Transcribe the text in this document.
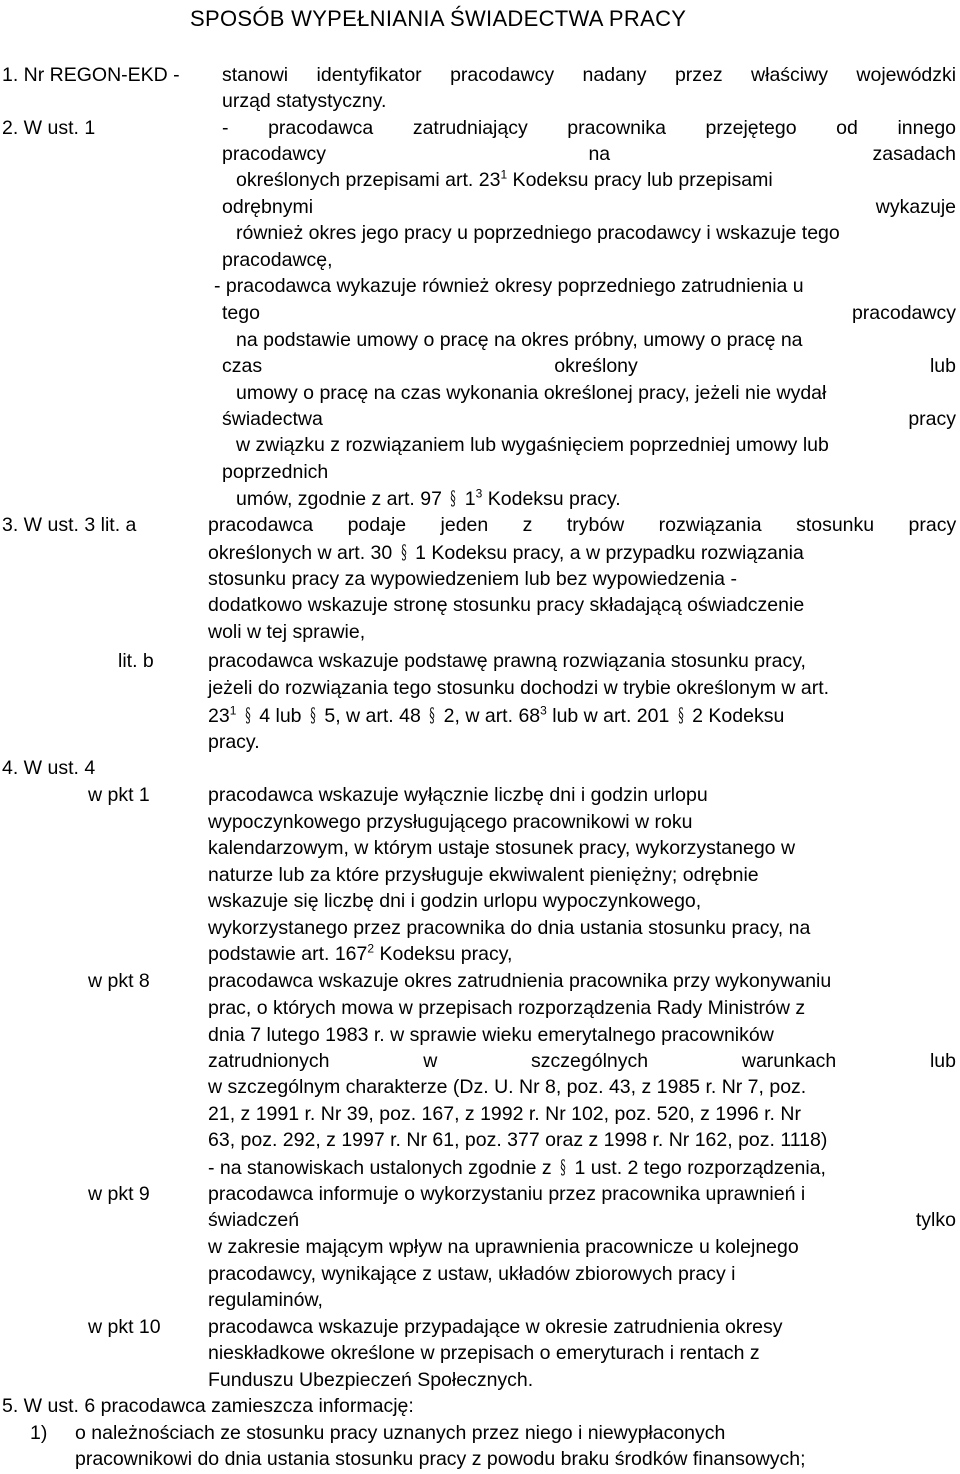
SPOSÓB WYPEŁNIANIA ŚWIADECTWA PRACY
1. Nr REGON-EKD - stanowi identyfikator pracodawcy nadany przez właściwy wojewódzki
urząd statystyczny.
2. W ust. 1	- pracodawca zatrudniający pracownika przejętego od innego
pracodawcy	na	zasadach
określonych przepisami art. $23^1$ Kodeksu pracy lub przepisami
odrębnymi	wykazuje
również okres jego pracy u poprzedniego pracodawcy i wskazuje tego
pracodawcę,
- pracodawca wykazuje również okresy poprzedniego zatrudnienia u
tego	pracodawcy
na podstawie umowy o pracę na okres próbny, umowy o pracę na
czas	określony	lub
umowy o pracę na czas wykonania określonej pracy, jeżeli nie wydał
świadectwa	pracy
w związku z rozwiązaniem lub wygaśnięciem poprzedniej umowy lub
poprzednich
umów, zgodnie z art. 97 § $1^3$ Kodeksu pracy.
3. W ust. 3 lit. a	pracodawca podaje jeden z trybów rozwiązania stosunku pracy
określonych w art. 30 § 1 Kodeksu pracy, a w przypadku rozwiązania
stosunku pracy za wypowiedzeniem lub bez wypowiedzenia -
dodatkowo wskazuje stronę stosunku pracy składającą oświadczenie
woli w tej sprawie,
lit. b	pracodawca wskazuje podstawę prawną rozwiązania stosunku pracy,
jeżeli do rozwiązania tego stosunku dochodzi w trybie określonym w art.
$23^1$ § 4 lub § 5, w art. 48 § 2, w art. $68^3$ lub w art. 201 § 2 Kodeksu
pracy.
4. W ust. 4
w pkt 1	pracodawca wskazuje wyłącznie liczbę dni i godzin urlopu
wypoczynkowego przysługującego pracownikowi w roku
kalendarzowym, w którym ustaje stosunek pracy, wykorzystanego w
naturze lub za które przysługuje ekwiwalent pieniężny; odrębnie
wskazuje się liczbę dni i godzin urlopu wypoczynkowego,
wykorzystanego przez pracownika do dnia ustania stosunku pracy, na
podstawie art. $167^2$ Kodeksu pracy,
w pkt 8	pracodawca wskazuje okres zatrudnienia pracownika przy wykonywaniu
prac, o których mowa w przepisach rozporządzenia Rady Ministrów z
dnia 7 lutego 1983 r. w sprawie wieku emerytalnego pracowników
zatrudnionych	w	szczególnych	warunkach	lub
w szczególnym charakterze (Dz. U. Nr 8, poz. 43, z 1985 r. Nr 7, poz.
21, z 1991 r. Nr 39, poz. 167, z 1992 r. Nr 102, poz. 520, z 1996 r. Nr
63, poz. 292, z 1997 r. Nr 61, poz. 377 oraz z 1998 r. Nr 162, poz. 1118)
- na stanowiskach ustalonych zgodnie z § 1 ust. 2 tego rozporządzenia,
w pkt 9	pracodawca informuje o wykorzystaniu przez pracownika uprawnień i
świadczeń	tylko
w zakresie mającym wpływ na uprawnienia pracownicze u kolejnego
pracodawcy, wynikające z ustaw, układów zbiorowych pracy i
regulaminów,
w pkt 10 pracodawca wskazuje przypadające w okresie zatrudnienia okresy
nieskładkowe określone w przepisach o emeryturach i rentach z
Funduszu Ubezpieczeń Społecznych.
5. W ust. 6 pracodawca zamieszcza informację:
1) o należnościach ze stosunku pracy uznanych przez niego i niewypłaconych
pracownikowi do dnia ustania stosunku pracy z powodu braku środków finansowych;
